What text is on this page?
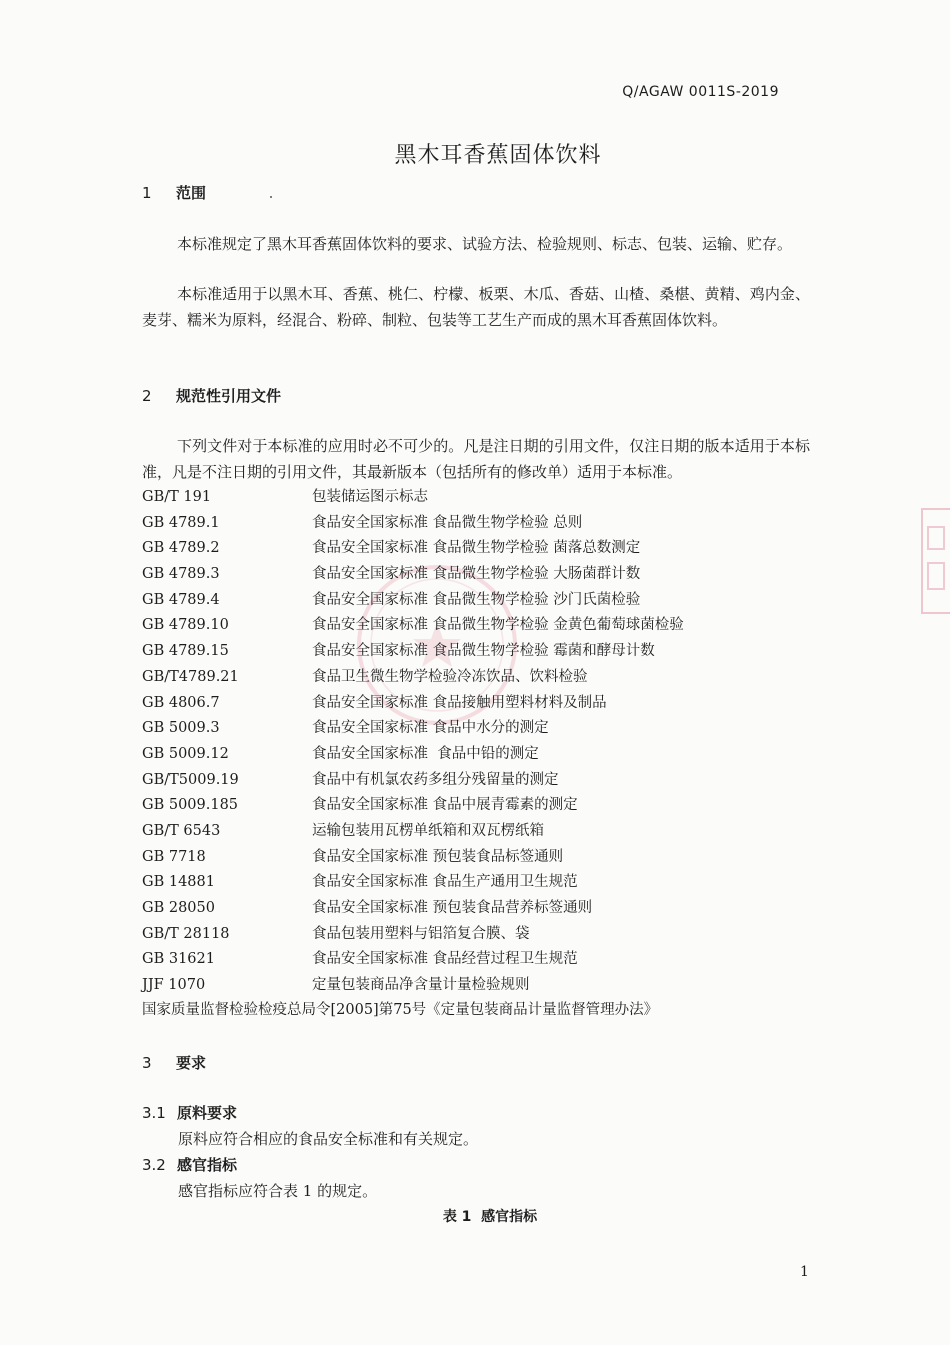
Q/AGAW 0011S-2019
黑木耳香蕉固体饮料
1 范围
本标准规定了黑木耳香蕉固体饮料的要求、试验方法、检验规则、标志、包装、运输、贮存。
本标准适用于以黑木耳、香蕉、桃仁、柠檬、板栗、木瓜、香菇、山楂、桑椹、黄精、鸡内金、麦芽、糯米为原料，经混合、粉碎、制粒、包装等工艺生产而成的黑木耳香蕉固体饮料。
2 规范性引用文件
下列文件对于本标准的应用时必不可少的。凡是注日期的引用文件，仅注日期的版本适用于本标准，凡是不注日期的引用文件，其最新版本（包括所有的修改单）适用于本标准。
GB/T 191	包装储运图示标志
GB 4789.1	食品安全国家标准 食品微生物学检验 总则
GB 4789.2	食品安全国家标准 食品微生物学检验 菌落总数测定
GB 4789.3	食品安全国家标准 食品微生物学检验 大肠菌群计数
GB 4789.4	食品安全国家标准 食品微生物学检验 沙门氏菌检验
GB 4789.10	食品安全国家标准 食品微生物学检验 金黄色葡萄球菌检验
GB 4789.15	食品安全国家标准 食品微生物学检验 霉菌和酵母计数
GB/T4789.21	食品卫生微生物学检验冷冻饮品、饮料检验
GB 4806.7	食品安全国家标准 食品接触用塑料材料及制品
GB 5009.3	食品安全国家标准 食品中水分的测定
GB 5009.12	食品安全国家标准  食品中铅的测定
GB/T5009.19	食品中有机氯农药多组分残留量的测定
GB 5009.185	食品安全国家标准 食品中展青霉素的测定
GB/T 6543	运输包装用瓦楞单纸箱和双瓦楞纸箱
GB 7718	食品安全国家标准 预包装食品标签通则
GB 14881	食品安全国家标准 食品生产通用卫生规范
GB 28050	食品安全国家标准 预包装食品营养标签通则
GB/T 28118	食品包装用塑料与铝箔复合膜、袋
GB 31621	食品安全国家标准 食品经营过程卫生规范
JJF 1070	定量包装商品净含量计量检验规则
国家质量监督检验检疫总局令[2005]第75号《定量包装商品计量监督管理办法》
3 要求
3.1 原料要求
原料应符合相应的食品安全标准和有关规定。
3.2 感官指标
感官指标应符合表 1 的规定。
表 1  感官指标
1
